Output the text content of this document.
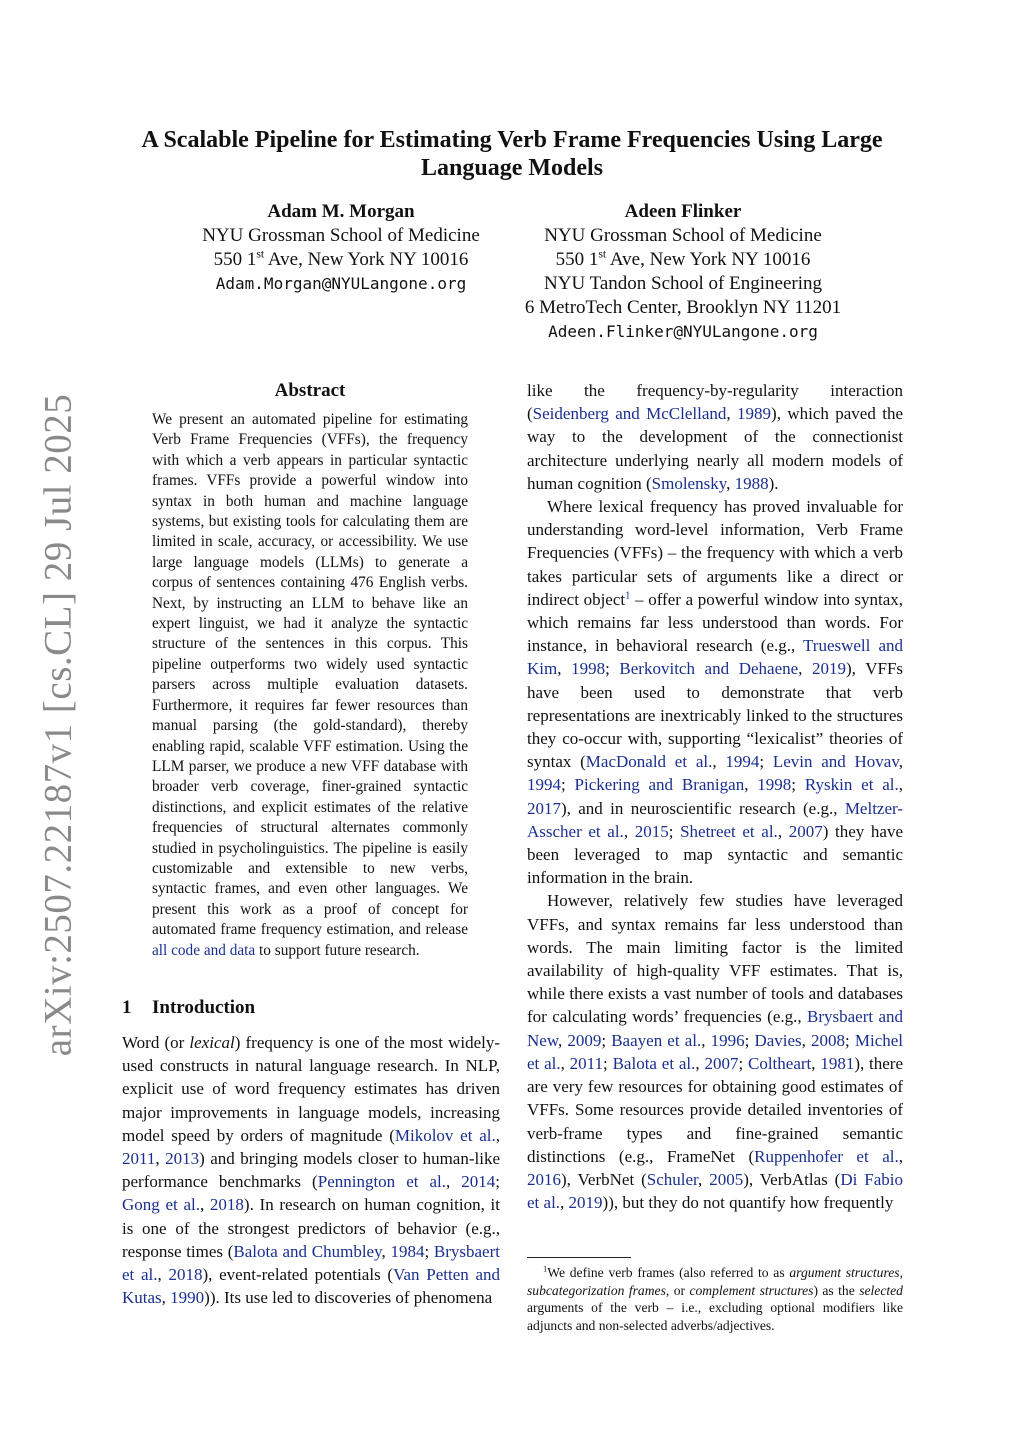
arXiv:2507.22187v1 [cs.CL] 29 Jul 2025
A Scalable Pipeline for Estimating Verb Frame Frequencies Using Large Language Models
Adam M. Morgan
NYU Grossman School of Medicine
550 1st Ave, New York NY 10016
Adam.Morgan@NYULangone.org
Adeen Flinker
NYU Grossman School of Medicine
550 1st Ave, New York NY 10016
NYU Tandon School of Engineering
6 MetroTech Center, Brooklyn NY 11201
Adeen.Flinker@NYULangone.org
Abstract
We present an automated pipeline for estimating Verb Frame Frequencies (VFFs), the frequency with which a verb appears in particular syntactic frames. VFFs provide a powerful window into syntax in both human and machine language systems, but existing tools for calculating them are limited in scale, accuracy, or accessibility. We use large language models (LLMs) to generate a corpus of sentences containing 476 English verbs. Next, by instructing an LLM to behave like an expert linguist, we had it analyze the syntactic structure of the sentences in this corpus. This pipeline outperforms two widely used syntactic parsers across multiple evaluation datasets. Furthermore, it requires far fewer resources than manual parsing (the gold-standard), thereby enabling rapid, scalable VFF estimation. Using the LLM parser, we produce a new VFF database with broader verb coverage, finer-grained syntactic distinctions, and explicit estimates of the relative frequencies of structural alternates commonly studied in psycholinguistics. The pipeline is easily customizable and extensible to new verbs, syntactic frames, and even other languages. We present this work as a proof of concept for automated frame frequency estimation, and release all code and data to support future research.
1 Introduction

Word (or lexical) frequency is one of the most widely-used constructs in natural language research. In NLP, explicit use of word frequency estimates has driven major improvements in language models, increasing model speed by orders of magnitude (Mikolov et al., 2011, 2013) and bringing models closer to human-like performance benchmarks (Pennington et al., 2014; Gong et al., 2018). In research on human cognition, it is one of the strongest predictors of behavior (e.g., response times (Balota and Chumbley, 1984; Brysbaert et al., 2018), event-related potentials (Van Petten and Kutas, 1990)). Its use led to discoveries of phenomena

like the frequency-by-regularity interaction (Seidenberg and McClelland, 1989), which paved the way to the development of the connectionist architecture underlying nearly all modern models of human cognition (Smolensky, 1988).

Where lexical frequency has proved invaluable for understanding word-level information, Verb Frame Frequencies (VFFs) – the frequency with which a verb takes particular sets of arguments like a direct or indirect object$^1$ – offer a powerful window into syntax, which remains far less understood than words. For instance, in behavioral research (e.g., Trueswell and Kim, 1998; Berkovitch and Dehaene, 2019), VFFs have been used to demonstrate that verb representations are inextricably linked to the structures they co-occur with, supporting “lexicalist” theories of syntax (MacDonald et al., 1994; Levin and Hovav, 1994; Pickering and Branigan, 1998; Ryskin et al., 2017), and in neuroscientific research (e.g., Meltzer-Asscher et al., 2015; Shetreet et al., 2007) they have been leveraged to map syntactic and semantic information in the brain.

However, relatively few studies have leveraged VFFs, and syntax remains far less understood than words. The main limiting factor is the limited availability of high-quality VFF estimates. That is, while there exists a vast number of tools and databases for calculating words’ frequencies (e.g., Brysbaert and New, 2009; Baayen et al., 1996; Davies, 2008; Michel et al., 2011; Balota et al., 2007; Coltheart, 1981), there are very few resources for obtaining good estimates of VFFs. Some resources provide detailed inventories of verb-frame types and fine-grained semantic distinctions (e.g., FrameNet (Ruppenhofer et al., 2016), VerbNet (Schuler, 2005), VerbAtlas (Di Fabio et al., 2019)), but they do not quantify how frequently

$^1$We define verb frames (also referred to as argument structures, subcategorization frames, or complement structures) as the selected arguments of the verb – i.e., excluding optional modifiers like adjuncts and non-selected adverbs/adjectives.
